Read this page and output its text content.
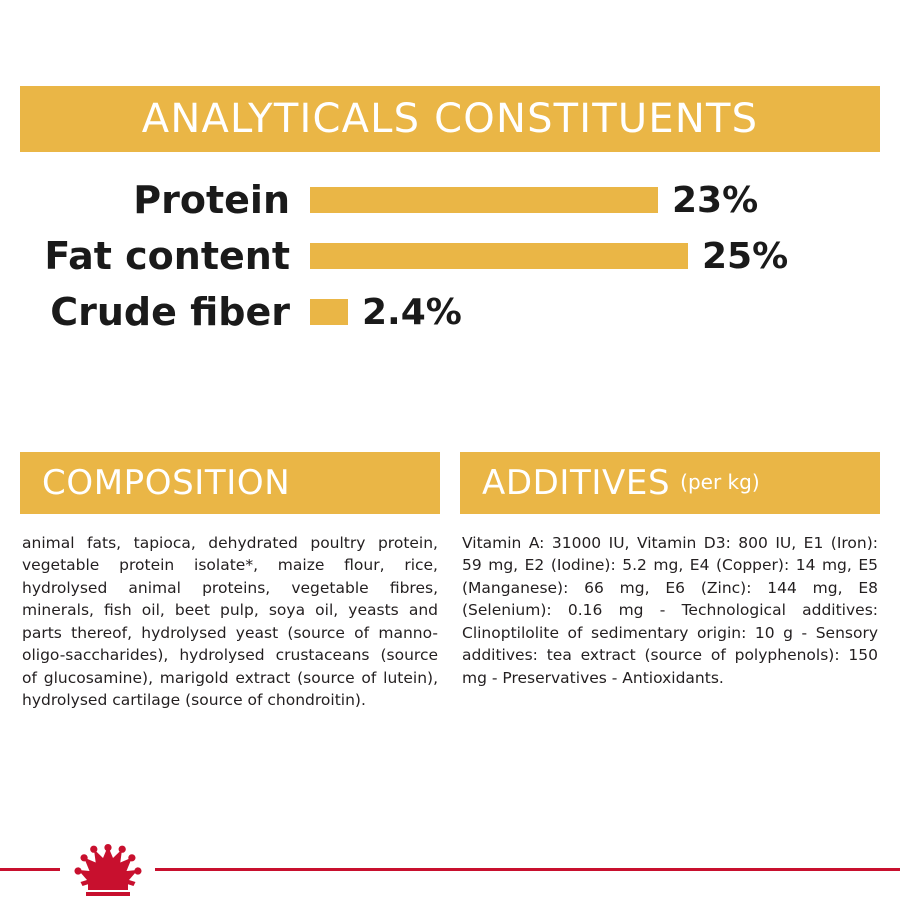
ANALYTICALS CONSTITUENTS
Protein	23%
Fat content	25%
Crude fiber	2.4%
COMPOSITION
animal fats, tapioca, dehydrated poultry protein, vegetable protein isolate*, maize flour, rice, hydrolysed animal proteins, vegetable fibres, minerals, fish oil, beet pulp, soya oil, yeasts and parts thereof, hydrolysed yeast (source of manno-oligo-saccharides), hydrolysed crustaceans (source of glucosamine), marigold extract (source of lutein), hydrolysed cartilage (source of chondroitin).
ADDITIVES (per kg)
Vitamin A: 31000 IU, Vitamin D3: 800 IU, E1 (Iron): 59 mg, E2 (Iodine): 5.2 mg, E4 (Copper): 14 mg, E5 (Manganese): 66 mg, E6 (Zinc): 144 mg, E8 (Selenium): 0.16 mg - Technological additives: Clinoptilolite of sedimentary origin: 10 g - Sensory additives: tea extract (source of polyphenols): 150 mg - Preservatives - Antioxidants.
